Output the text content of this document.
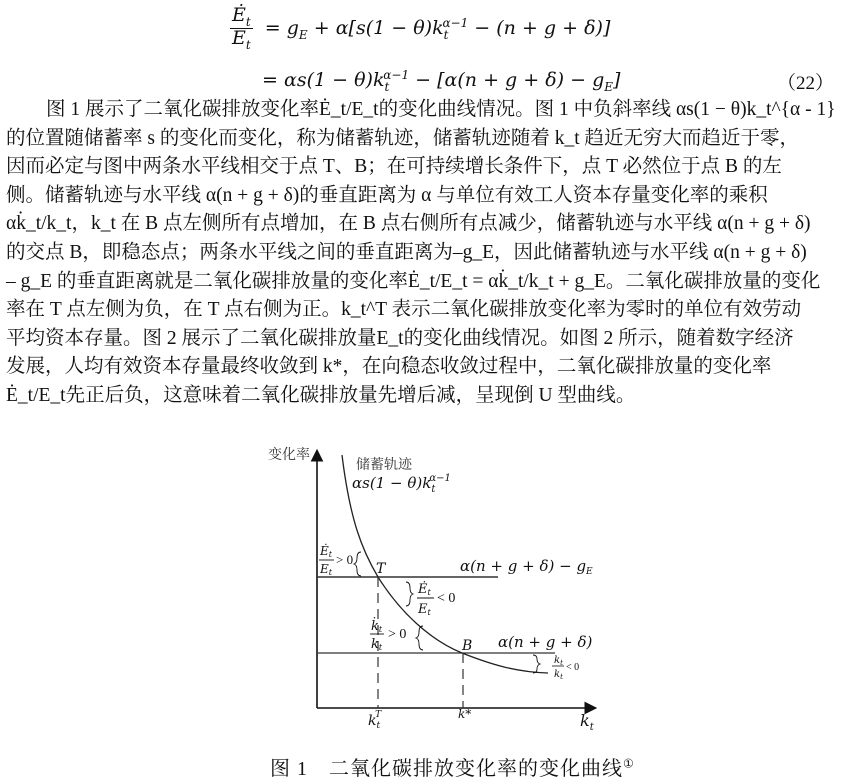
$\frac{Ė_t}{E_t} = g_E + \alpha[s(1 - \theta)k_t^{\alpha-1} - (n + g + \delta)]$
= $\alpha s(1 - \theta)k_t^{\alpha-1} - [\alpha(n + g + \delta) - g_E]$	（22）

图 1 展示了二氧化碳排放变化率Ė_t/E_t的变化曲线情况。图 1 中负斜率线 αs(1 − θ)k_t^{α - 1}

的位置随储蓄率 s 的变化而变化，称为储蓄轨迹，储蓄轨迹随着 k_t 趋近无穷大而趋近于零，

因而必定与图中两条水平线相交于点 T、B；在可持续增长条件下，点 T 必然位于点 B 的左

侧。储蓄轨迹与水平线 α(n + g + δ)的垂直距离为 α 与单位有效工人资本存量变化率的乘积

αk̇_t/k_t，k_t 在 B 点左侧所有点增加，在 B 点右侧所有点减少，储蓄轨迹与水平线 α(n + g + δ)

的交点 B，即稳态点；两条水平线之间的垂直距离为–g_E，因此储蓄轨迹与水平线 α(n + g + δ)

– g_E 的垂直距离就是二氧化碳排放量的变化率Ė_t/E_t = αk̇_t/k_t + g_E。二氧化碳排放量的变化

率在 T 点左侧为负，在 T 点右侧为正。k_t^T 表示二氧化碳排放变化率为零时的单位有效劳动

平均资本存量。图 2 展示了二氧化碳排放量E_t的变化曲线情况。如图 2 所示，随着数字经济

发展，人均有效资本存量最终收敛到 k*，在向稳态收敛过程中，二氧化碳排放量的变化率

Ė_t/E_t先正后负，这意味着二氧化碳排放量先增后减，呈现倒 U 型曲线。

变化率
$k_t$
储蓄轨迹
$\alpha s(1 - \theta)k_t\alpha-1$
$\alpha(n + g + \delta) - g_E$
α(n + g + δ)
T
B
$k_tT$	k*
Ėt
Et
> 0
Ėt
Et
< 0
k̇t
kt
> 0
$k_t$
$k_t$
< 0
图 1　二氧化碳排放变化率的变化曲线①
